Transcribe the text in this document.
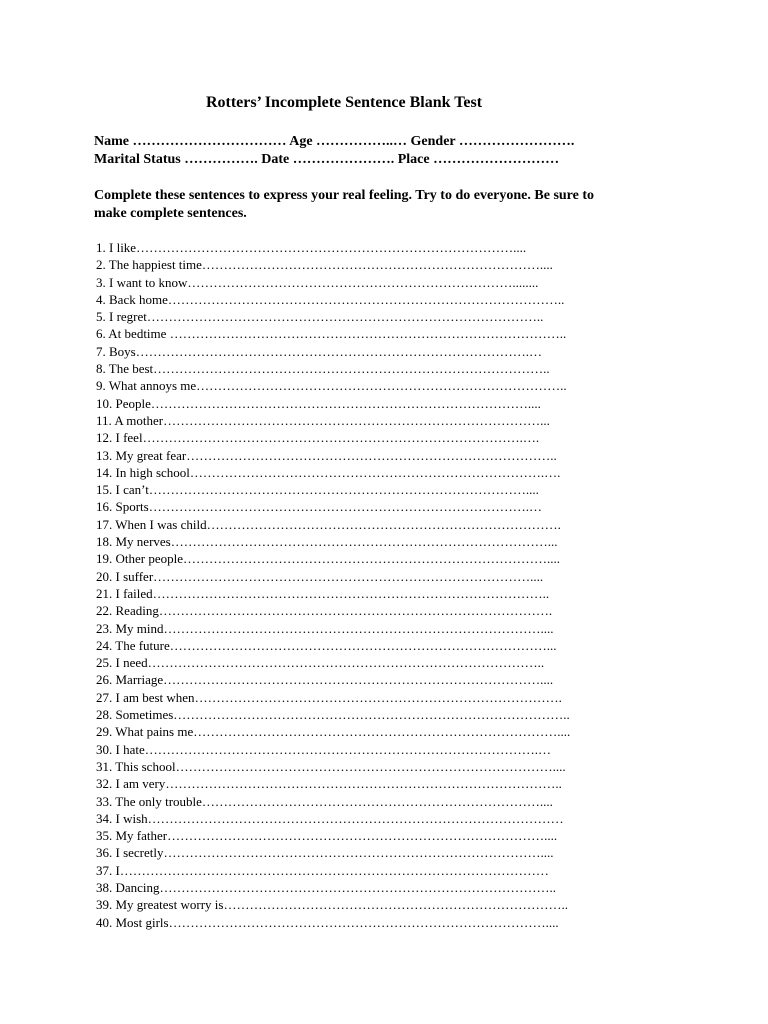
Rotters’ Incomplete Sentence Blank Test
Name …………………………… Age ……………..… Gender …………………….
Marital Status ……………. Date …………………. Place ………………………
Complete these sentences to express your real feeling. Try to do everyone. Be sure to make complete sentences.
1. I like……………………………………………………………………………....
2. The happiest time……………………………………………………………………....
3. I want to know…………………………………………………………………........
4. Back home………………………………………………………………………………..
5. I regret………………………………………………………………………………..
6. At bedtime ………………………………………………………………………………..
7. Boys……………………………………………………………………………….…
8. The best………………………………………………………………………………..
9. What annoys me…………………………………………………………………………..
10. People……………………………………………………………………………....
11. A mother……………………………………………………………………………...
12. I feel…………………………………………………………………………….….
13. My great fear…………………………………………………………………………..
14. In high school……………………………………………………………………….….
15. I can’t……………………………………………………………………………....
16. Sports…………………………………………………………………………….…
17. When I was child……………………………………………………………………….
18. My nerves……………………………………………………………………………...
19. Other people…………………………………………………………………………....
20. I suffer……………………………………………………………………………....
21. I failed………………………………………………………………………………..
22. Reading……………………………………………………………………………….
23. My mind……………………………………………………………………………....
24. The future……………………………………………………………………………...
25. I need………………………………………………………………………………..
26. Marriage……………………………………………………………………………....
27. I am best when………………………………………………………………………….
28. Sometimes………………………………………………………………………………..
29. What pains me…………………………………………………………………………....
30. I hate……………………………………………………………………………….…
31. This school……………………………………………………………………………....
32. I am very………………………………………………………………………………..
33. The only trouble……………………………………………………………………....
34. I wish……………………………………………………………………………………
35. My father……………………………………………………………………………....
36. I secretly……………………………………………………………………………....
37. I………………………………………………………………………………………
38. Dancing………………………………………………………………………………..
39. My greatest worry is……………………………………………………………………..
40. Most girls……………………………………………………………………………....
